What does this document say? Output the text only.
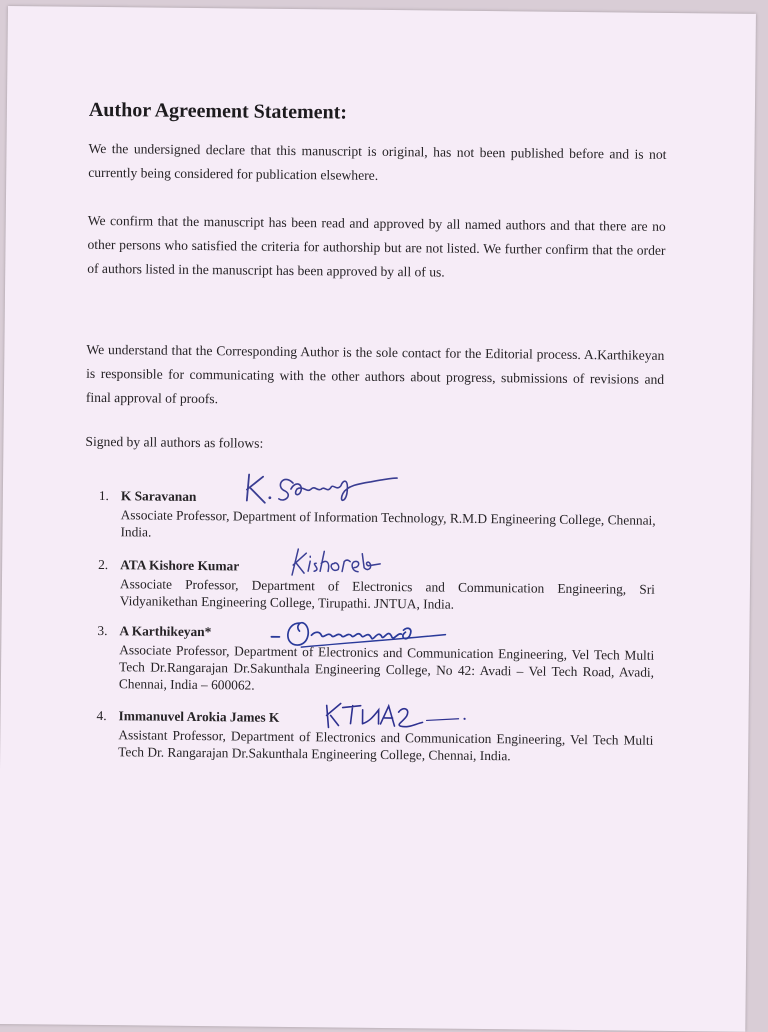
Author Agreement Statement:

We the undersigned declare that this manuscript is original, has not been published before and is not currently being considered for publication elsewhere.

We confirm that the manuscript has been read and approved by all named authors and that there are no other persons who satisfied the criteria for authorship but are not listed. We further confirm that the order of authors listed in the manuscript has been approved by all of us.

We understand that the Corresponding Author is the sole contact for the Editorial process. A.Karthikeyan is responsible for communicating with the other authors about progress, submissions of revisions and final approval of proofs.

Signed by all authors as follows:

1. K Saravanan
Associate Professor, Department of Information Technology, R.M.D Engineering College, Chennai, India.
2. ATA Kishore Kumar
Associate Professor, Department of Electronics and Communication Engineering, Sri Vidyanikethan Engineering College, Tirupathi. JNTUA, India.
3. A Karthikeyan*
Associate Professor, Department of Electronics and Communication Engineering, Vel Tech Multi Tech Dr.Rangarajan Dr.Sakunthala Engineering College, No 42: Avadi – Vel Tech Road, Avadi, Chennai, India – 600062.
4. Immanuvel Arokia James K
Assistant Professor, Department of Electronics and Communication Engineering, Vel Tech Multi Tech Dr. Rangarajan Dr.Sakunthala Engineering College, Chennai, India.
